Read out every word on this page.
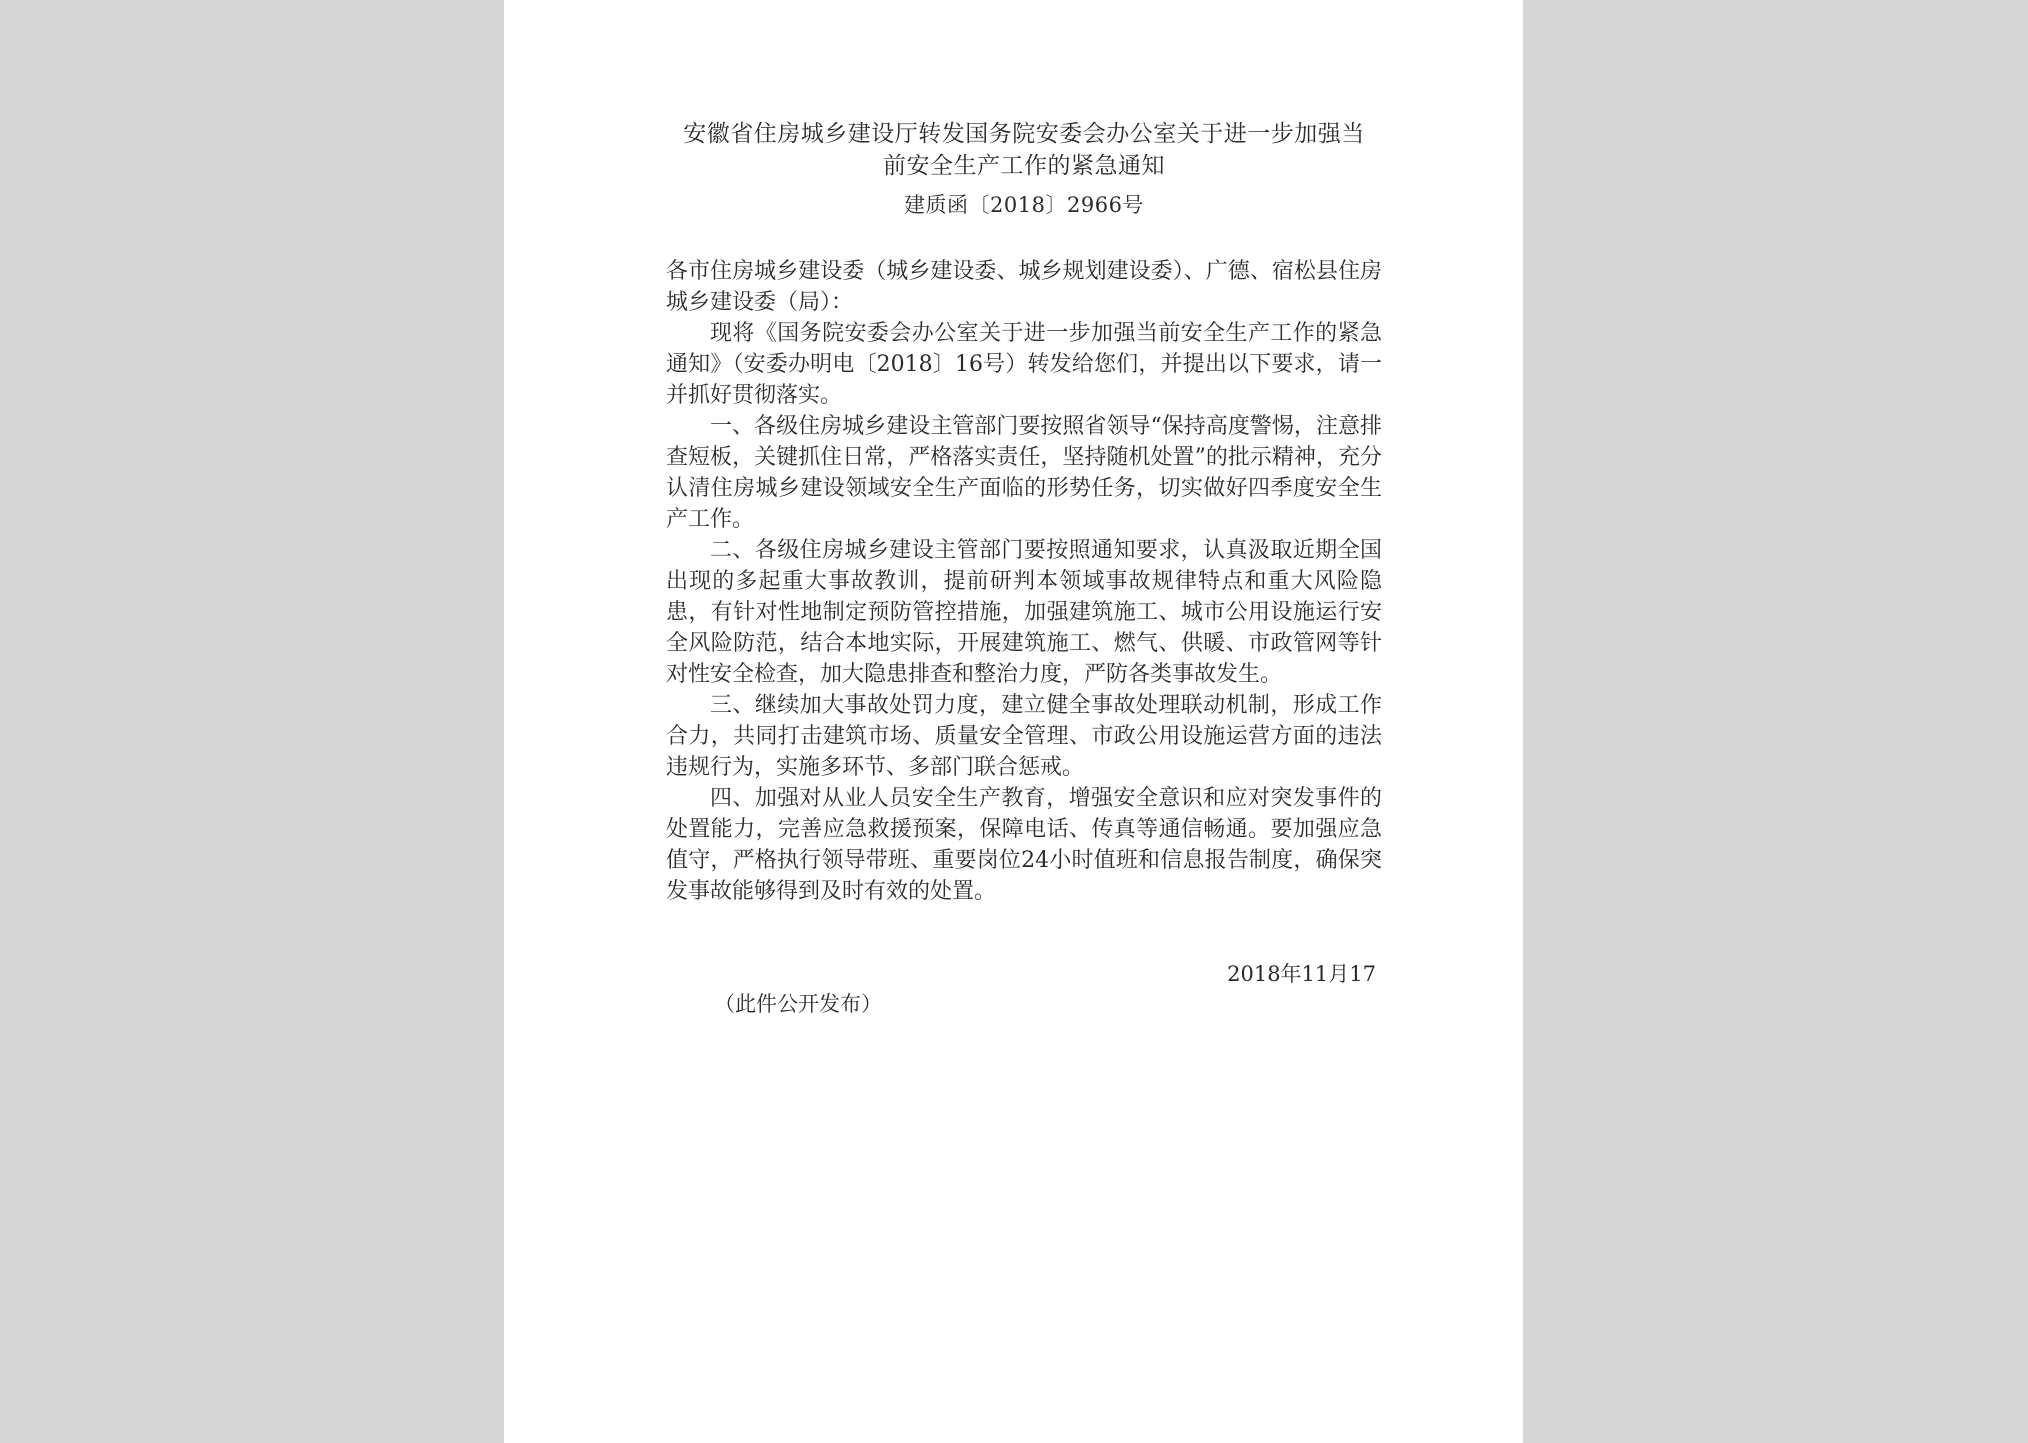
安徽省住房城乡建设厅转发国务院安委会办公室关于进一步加强当

前安全生产工作的紧急通知

建质函〔2018〕2966号

各市住房城乡建设委（城乡建设委、城乡规划建设委）、广德、宿松县住房城乡建设委（局）：

现将《国务院安委会办公室关于进一步加强当前安全生产工作的紧急通知》（安委办明电〔2018〕16号）转发给您们，并提出以下要求，请一并抓好贯彻落实。

一、各级住房城乡建设主管部门要按照省领导“保持高度警惕，注意排查短板，关键抓住日常，严格落实责任，坚持随机处置”的批示精神，充分认清住房城乡建设领域安全生产面临的形势任务，切实做好四季度安全生产工作。

二、各级住房城乡建设主管部门要按照通知要求，认真汲取近期全国出现的多起重大事故教训，提前研判本领域事故规律特点和重大风险隐患，有针对性地制定预防管控措施，加强建筑施工、城市公用设施运行安全风险防范，结合本地实际，开展建筑施工、燃气、供暖、市政管网等针对性安全检查，加大隐患排查和整治力度，严防各类事故发生。

三、继续加大事故处罚力度，建立健全事故处理联动机制，形成工作合力，共同打击建筑市场、质量安全管理、市政公用设施运营方面的违法违规行为，实施多环节、多部门联合惩戒。

四、加强对从业人员安全生产教育，增强安全意识和应对突发事件的处置能力，完善应急救援预案，保障电话、传真等通信畅通。要加强应急值守，严格执行领导带班、重要岗位24小时值班和信息报告制度，确保突发事故能够得到及时有效的处置。

2018年11月17
（此件公开发布）
